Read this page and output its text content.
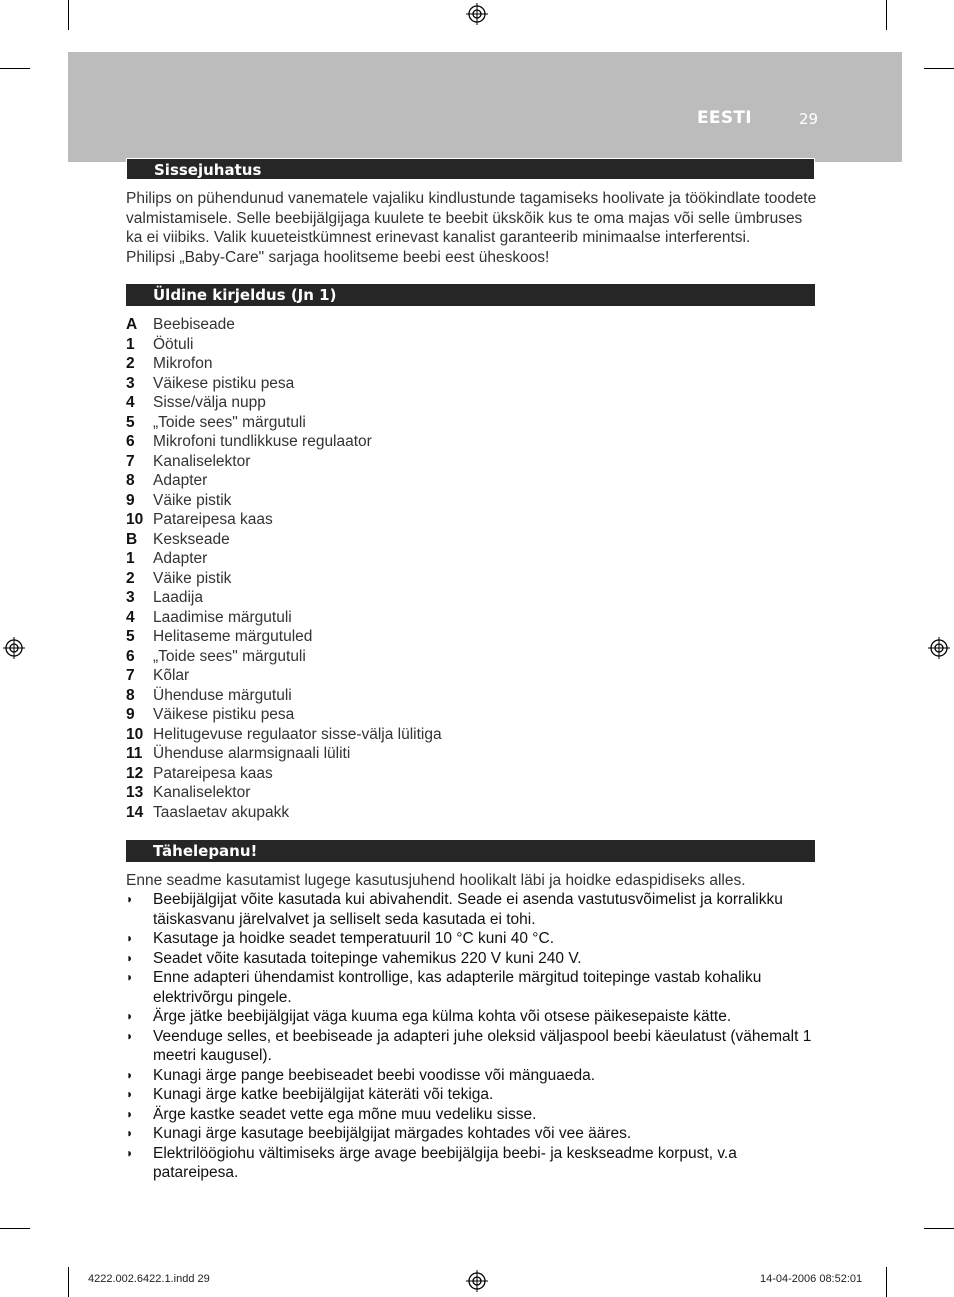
EESTI	29
Sissejuhatus

Philips on pühendunud vanematele vajaliku kindlustunde tagamiseks hoolivate ja töökindlate toodete valmistamisele. Selle beebijälgijaga kuulete te beebit ükskõik kus te oma majas või selle ümbruses ka ei viibiks. Valik kuueteistkümnest erinevast kanalist garanteerib minimaalse interferentsi.

Philipsi „Baby-Care" sarjaga hoolitseme beebi eest üheskoos!

Üldine kirjeldus (Jn 1)
A	Beebiseade
1	Öötuli
2	Mikrofon
3	Väikese pistiku pesa
4	Sisse/välja nupp
5	„Toide sees" märgutuli
6	Mikrofoni tundlikkuse regulaator
7	Kanaliselektor
8	Adapter
9	Väike pistik
10 Patareipesa kaas
B	Keskseade
1	Adapter
2	Väike pistik
3	Laadija
4	Laadimise märgutuli
5	Helitaseme märgutuled
6	„Toide sees" märgutuli
7	Kõlar
8	Ühenduse märgutuli
9	Väikese pistiku pesa
10 Helitugevuse regulaator sisse-välja lülitiga
11 Ühenduse alarmsignaali lüliti
12 Patareipesa kaas
13 Kanaliselektor
14 Taaslaetav akupakk
Tähelepanu!
Enne seadme kasutamist lugege kasutusjuhend hoolikalt läbi ja hoidke edaspidiseks alles.
◗	Beebijälgijat võite kasutada kui abivahendit. Seade ei asenda vastutusvõimelist ja korralikku täiskasvanu järelvalvet ja selliselt seda kasutada ei tohi.
◗	Kasutage ja hoidke seadet temperatuuril 10 °C kuni 40 °C.
◗	Seadet võite kasutada toitepinge vahemikus 220 V kuni 240 V.
◗	Enne adapteri ühendamist kontrollige, kas adapterile märgitud toitepinge vastab kohaliku elektrivõrgu pingele.
◗	Ärge jätke beebijälgijat väga kuuma ega külma kohta või otsese päikesepaiste kätte.
◗	Veenduge selles, et beebiseade ja adapteri juhe oleksid väljaspool beebi käeulatust (vähemalt 1 meetri kaugusel).
◗	Kunagi ärge pange beebiseadet beebi voodisse või mänguaeda.
◗	Kunagi ärge katke beebijälgijat käteräti või tekiga.
◗	Ärge kastke seadet vette ega mõne muu vedeliku sisse.
◗	Kunagi ärge kasutage beebijälgijat märgades kohtades või vee ääres.
◗	Elektrilöögiohu vältimiseks ärge avage beebijälgija beebi- ja keskseadme korpust, v.a patareipesa.
4222.002.6422.1.indd 29	14-04-2006 08:52:01
